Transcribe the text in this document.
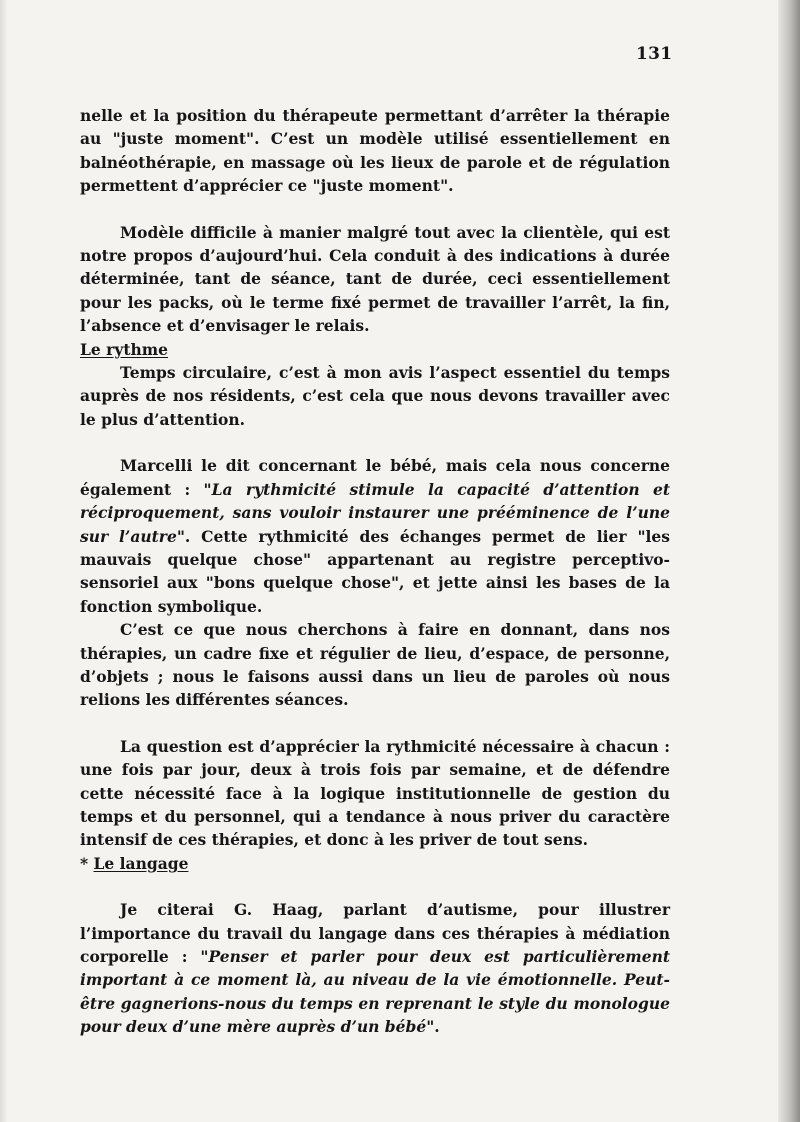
131

nelle et la position du thérapeute permettant d’arrêter la thérapie au "juste moment". C’est un modèle utilisé essentiellement en balnéothérapie, en massage où les lieux de parole et de régulation permettent d’apprécier ce "juste moment".

Modèle difficile à manier malgré tout avec la clientèle, qui est notre propos d’aujourd’hui. Cela conduit à des indications à durée déterminée, tant de séance, tant de durée, ceci essentiellement pour les packs, où le terme fixé permet de travailler l’arrêt, la fin, l’absence et d’envisager le relais.

Le rythme

Temps circulaire, c’est à mon avis l’aspect essentiel du temps auprès de nos résidents, c’est cela que nous devons travailler avec le plus d’attention.

Marcelli le dit concernant le bébé, mais cela nous concerne également : "La rythmicité stimule la capacité d’attention et réciproquement, sans vouloir instaurer une prééminence de l’une sur l’autre". Cette rythmicité des échanges permet de lier "les mauvais quelque chose" appartenant au registre perceptivo-sensoriel aux "bons quelque chose", et jette ainsi les bases de la fonction symbolique.

C’est ce que nous cherchons à faire en donnant, dans nos thérapies, un cadre fixe et régulier de lieu, d’espace, de personne, d’objets ; nous le faisons aussi dans un lieu de paroles où nous relions les différentes séances.

La question est d’apprécier la rythmicité nécessaire à chacun : une fois par jour, deux à trois fois par semaine, et de défendre cette nécessité face à la logique institutionnelle de gestion du temps et du personnel, qui a tendance à nous priver du caractère intensif de ces thérapies, et donc à les priver de tout sens.

* Le langage

Je citerai G. Haag, parlant d’autisme, pour illustrer l’importance du travail du langage dans ces thérapies à médiation corporelle : "Penser et parler pour deux est particulièrement important à ce moment là, au niveau de la vie émotionnelle. Peut-être gagnerions-nous du temps en reprenant le style du monologue pour deux d’une mère auprès d’un bébé".
